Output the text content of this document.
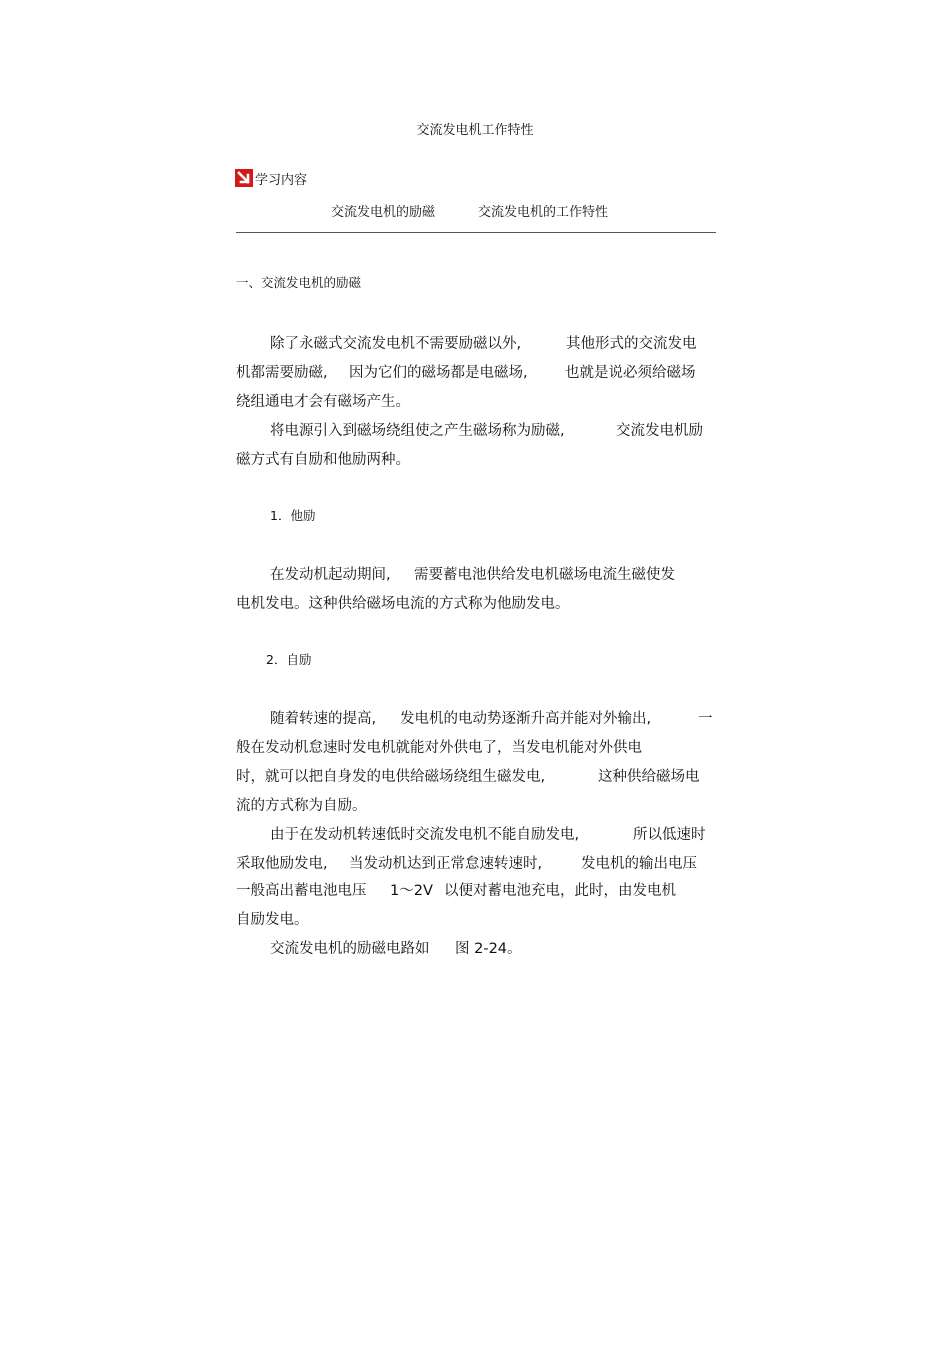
交流发电机工作特性
学习内容
交流发电机的励磁	交流发电机的工作特性
一、交流发电机的励磁
除了永磁式交流发电机不需要励磁以外,	其他形式的交流发电
机都需要励磁, 因为它们的磁场都是电磁场,	也就是说必须给磁场
绕组通电才会有磁场产生。
将电源引入到磁场绕组使之产生磁场称为励磁,	交流发电机励
磁方式有自励和他励两种。
1．他励
在发动机起动期间, 需要蓄电池供给发电机磁场电流生磁使发
电机发电。这种供给磁场电流的方式称为他励发电。
2．自励
随着转速的提高, 发电机的电动势逐渐升高并能对外输出,	一
般在发动机怠速时发电机就能对外供电了，当发电机能对外供电
时，就可以把自身发的电供给磁场绕组生磁发电,	这种供给磁场电
流的方式称为自励。
由于在发动机转速低时交流发电机不能自励发电,	所以低速时
采取他励发电, 当发动机达到正常怠速转速时,	发电机的输出电压
一般高出蓄电池电压 1～2V 以便对蓄电池充电，此时，由发电机
自励发电。
交流发电机的励磁电路如 图 2-24。
